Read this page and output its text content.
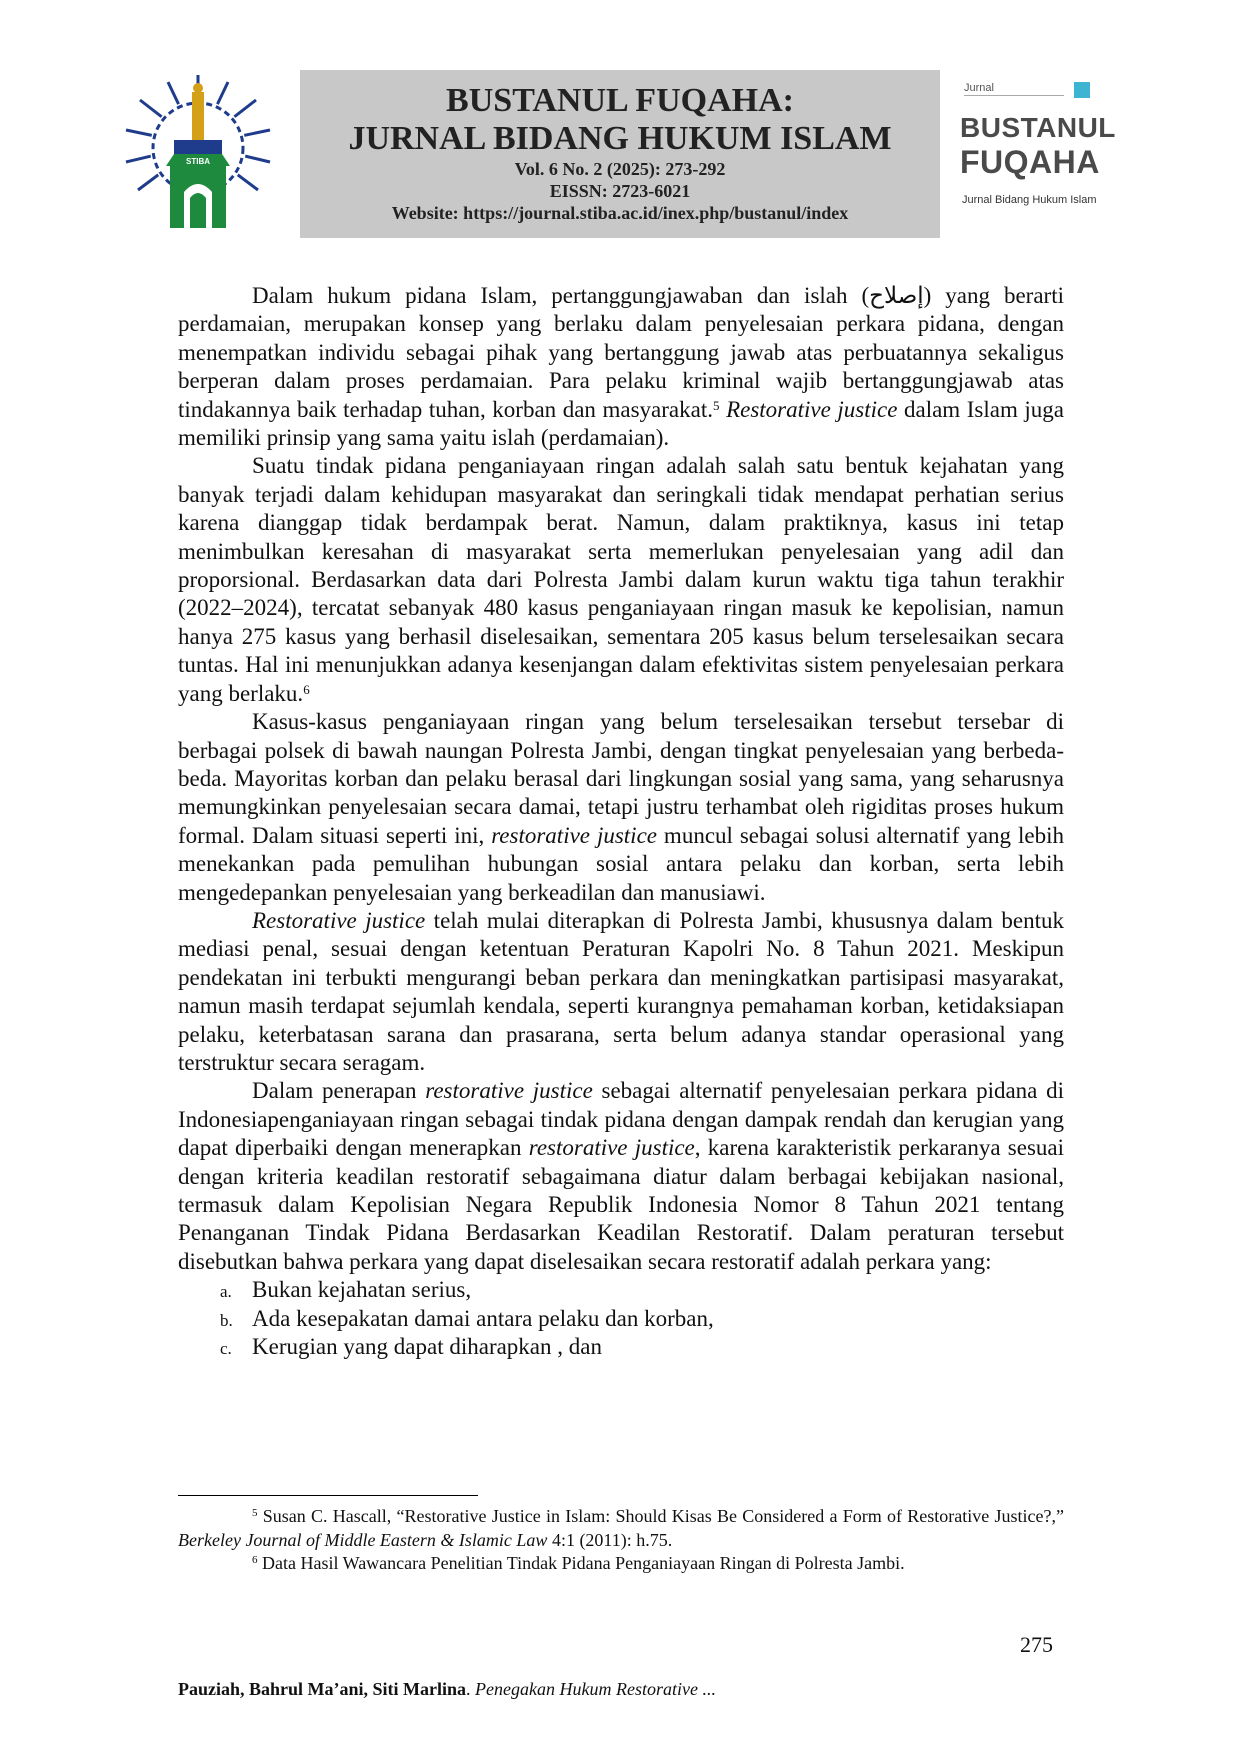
STIBA
BUSTANUL FUQAHA:
JURNAL BIDANG HUKUM ISLAM
Vol. 6 No. 2 (2025): 273-292
EISSN: 2723-6021
Website: https://journal.stiba.ac.id/inex.php/bustanul/index
Jurnal
BUSTANUL
FUQAHA
Jurnal Bidang Hukum Islam

Dalam hukum pidana Islam, pertanggungjawaban dan islah (إصلاح) yang berarti perdamaian, merupakan konsep yang berlaku dalam penyelesaian perkara pidana, dengan menempatkan individu sebagai pihak yang bertanggung jawab atas perbuatannya sekaligus berperan dalam proses perdamaian. Para pelaku kriminal wajib bertanggungjawab atas tindakannya baik terhadap tuhan, korban dan masyarakat.$^5$ Restorative justice dalam Islam juga memiliki prinsip yang sama yaitu islah (perdamaian).

Suatu tindak pidana penganiayaan ringan adalah salah satu bentuk kejahatan yang banyak terjadi dalam kehidupan masyarakat dan seringkali tidak mendapat perhatian serius karena dianggap tidak berdampak berat. Namun, dalam praktiknya, kasus ini tetap menimbulkan keresahan di masyarakat serta memerlukan penyelesaian yang adil dan proporsional. Berdasarkan data dari Polresta Jambi dalam kurun waktu tiga tahun terakhir (2022–2024), tercatat sebanyak 480 kasus penganiayaan ringan masuk ke kepolisian, namun hanya 275 kasus yang berhasil diselesaikan, sementara 205 kasus belum terselesaikan secara tuntas. Hal ini menunjukkan adanya kesenjangan dalam efektivitas sistem penyelesaian perkara yang berlaku.$^6$

Kasus-kasus penganiayaan ringan yang belum terselesaikan tersebut tersebar di berbagai polsek di bawah naungan Polresta Jambi, dengan tingkat penyelesaian yang berbeda-beda. Mayoritas korban dan pelaku berasal dari lingkungan sosial yang sama, yang seharusnya memungkinkan penyelesaian secara damai, tetapi justru terhambat oleh rigiditas proses hukum formal. Dalam situasi seperti ini, restorative justice muncul sebagai solusi alternatif yang lebih menekankan pada pemulihan hubungan sosial antara pelaku dan korban, serta lebih mengedepankan penyelesaian yang berkeadilan dan manusiawi.

Restorative justice telah mulai diterapkan di Polresta Jambi, khususnya dalam bentuk mediasi penal, sesuai dengan ketentuan Peraturan Kapolri No. 8 Tahun 2021. Meskipun pendekatan ini terbukti mengurangi beban perkara dan meningkatkan partisipasi masyarakat, namun masih terdapat sejumlah kendala, seperti kurangnya pemahaman korban, ketidaksiapan pelaku, keterbatasan sarana dan prasarana, serta belum adanya standar operasional yang terstruktur secara seragam.

Dalam penerapan restorative justice sebagai alternatif penyelesaian perkara pidana di Indonesiapenganiayaan ringan sebagai tindak pidana dengan dampak rendah dan kerugian yang dapat diperbaiki dengan menerapkan restorative justice, karena karakteristik perkaranya sesuai dengan kriteria keadilan restoratif sebagaimana diatur dalam berbagai kebijakan nasional, termasuk dalam Kepolisian Negara Republik Indonesia Nomor 8 Tahun 2021 tentang Penanganan Tindak Pidana Berdasarkan Keadilan Restoratif. Dalam peraturan tersebut disebutkan bahwa perkara yang dapat diselesaikan secara restoratif adalah perkara yang:

a. Bukan kejahatan serius,
b. Ada kesepakatan damai antara pelaku dan korban,
c. Kerugian yang dapat diharapkan , dan

$^5$ Susan C. Hascall, “Restorative Justice in Islam: Should Kisas Be Considered a Form of Restorative Justice?,” Berkeley Journal of Middle Eastern & Islamic Law 4:1 (2011): h.75.

$^6$ Data Hasil Wawancara Penelitian Tindak Pidana Penganiayaan Ringan di Polresta Jambi.

275
Pauziah, Bahrul Ma’ani, Siti Marlina. Penegakan Hukum Restorative ...
